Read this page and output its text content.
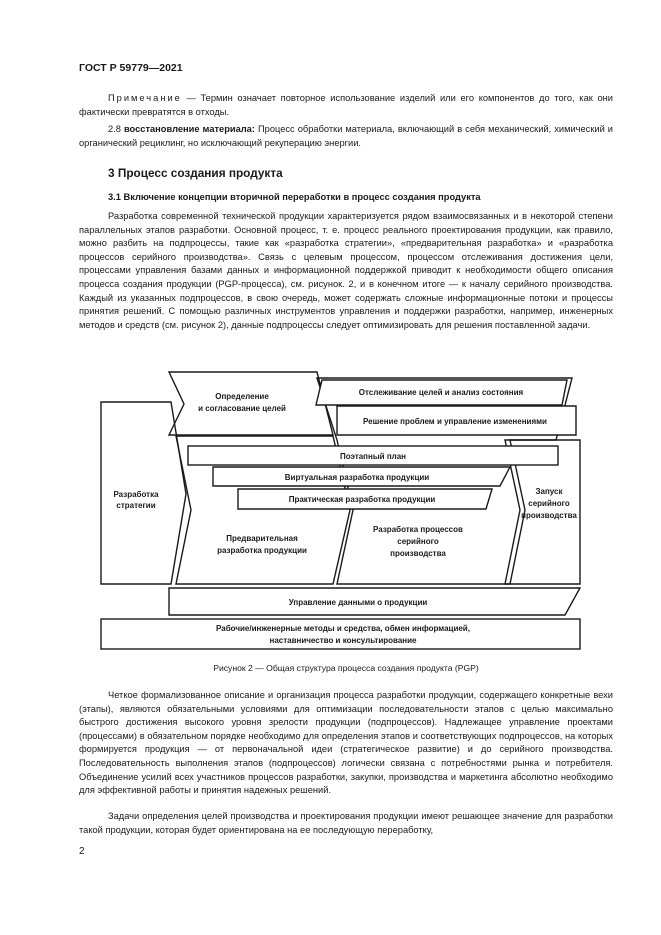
ГОСТ Р 59779—2021
Примечание — Термин означает повторное использование изделий или его компонентов до того, как они фактически превратятся в отходы.
2.8 восстановление материала: Процесс обработки материала, включающий в себя механический, химический и органический рециклинг, но исключающий рекуперацию энергии.
3 Процесс создания продукта
3.1 Включение концепции вторичной переработки в процесс создания продукта
Разработка современной технической продукции характеризуется рядом взаимосвязанных и в некоторой степени параллельных этапов разработки. Основной процесс, т. е. процесс реального проектирования продукции, как правило, можно разбить на подпроцессы, такие как «разработка стратегии», «предварительная разработка» и «разработка процессов серийного производства». Связь с целевым процессом, процессом отслеживания достижения цели, процессами управления базами данных и информационной поддержкой приводит к необходимости общего описания процесса создания продукции (PGP-процесса), см. рисунок. 2, и в конечном итоге — к началу серийного производства. Каждый из указанных подпроцессов, в свою очередь, может содержать сложные информационные потоки и процессы принятия решений. С помощью различных инструментов управления и поддержки разработки, например, инженерных методов и средств (см. рисунок 2), данные подпроцессы следует оптимизировать для решения поставленной задачи.
Разработка
стратегии
Определение
и согласование целей
Отслеживание целей и анализ состояния
Решение проблем и управление изменениями
Поэтапный план
Виртуальная разработка продукции
Практическая разработка продукции
Предварительная
разработка продукции
Разработка процессов
серийного
производства
Запуск
серийного
производства
Управление данными о продукции
Рабочие/инженерные методы и средства, обмен информацией,
наставничество и консультирование
Рисунок 2 — Общая структура процесса создания продукта (PGP)
Четкое формализованное описание и организация процесса разработки продукции, содержащего конкретные вехи (этапы), являются обязательными условиями для оптимизации последовательности этапов с целью максимально быстрого достижения высокого уровня зрелости продукции (подпроцессов). Надлежащее управление проектами (процессами) в обязательном порядке необходимо для определения этапов и соответствующих подпроцессов, на которых формируется продукция — от первоначальной идеи (стратегическое развитие) и до серийного производства. Последовательность выполнения этапов (подпроцессов) логически связана с потребностями рынка и потребителя. Объединение усилий всех участников процессов разработки, закупки, производства и маркетинга абсолютно необходимо для эффективной работы и принятия надежных решений.
Задачи определения целей производства и проектирования продукции имеют решающее значение для разработки такой продукции, которая будет ориентирована на ее последующую переработку,
2
